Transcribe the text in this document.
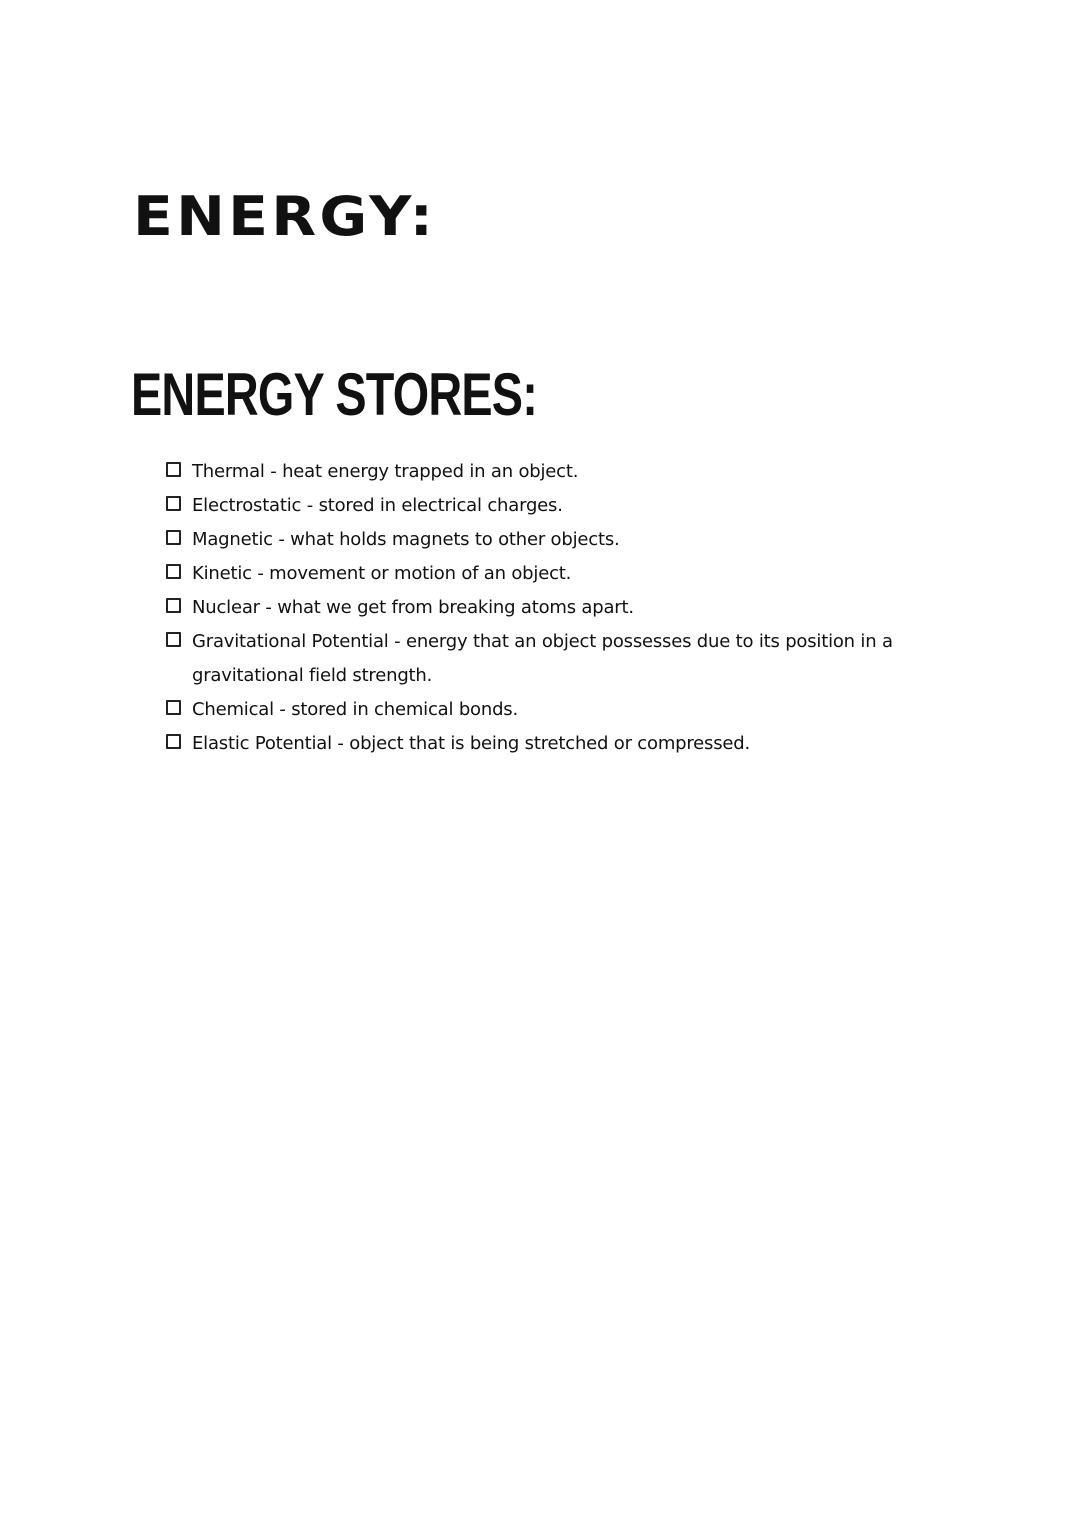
ENERGY:
ENERGY STORES:
Thermal - heat energy trapped in an object.
Electrostatic - stored in electrical charges.
Magnetic - what holds magnets to other objects.
Kinetic - movement or motion of an object.
Nuclear - what we get from breaking atoms apart.
Gravitational Potential - energy that an object possesses due to its position in a gravitational field strength.
Chemical - stored in chemical bonds.
Elastic Potential - object that is being stretched or compressed.
